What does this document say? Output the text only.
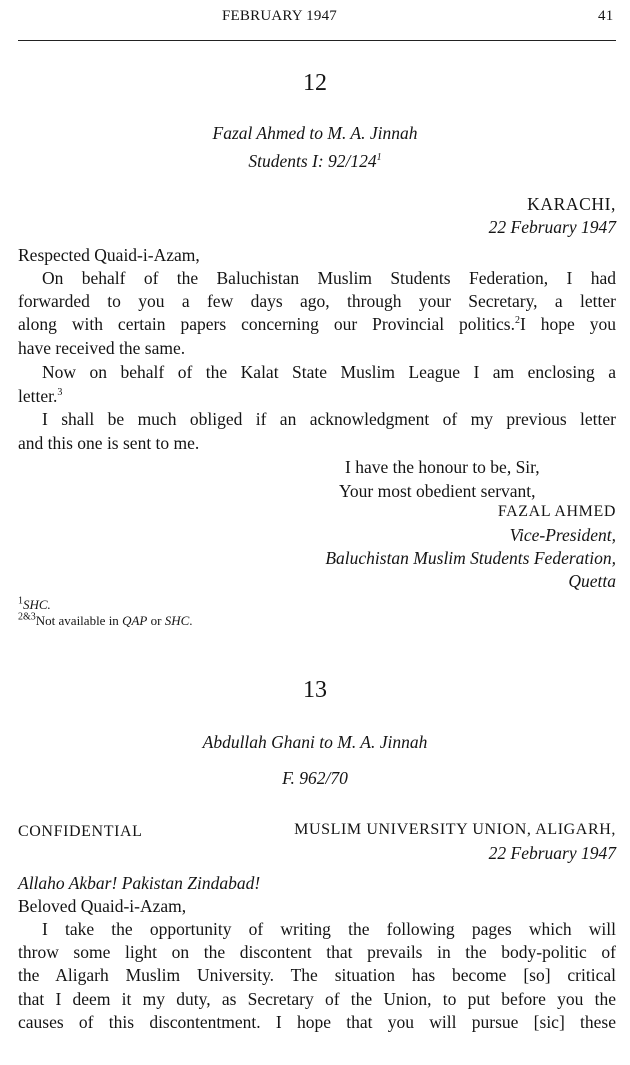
FEBRUARY 1947	41
12
Fazal Ahmed to M. A. Jinnah
Students I: $92/124^1$
KARACHI,
22 February 1947
Respected Quaid-i-Azam,
On behalf of the Baluchistan Muslim Students Federation, I had
forwarded to you a few days ago, through your Secretary, a letter
along with certain papers concerning our Provincial politics.$^2$I hope you
have received the same.
Now on behalf of the Kalat State Muslim League I am enclosing a
letter.$^3$
I shall be much obliged if an acknowledgment of my previous letter
and this one is sent to me.
I have the honour to be, Sir,
Your most obedient servant,
FAZAL AHMED
Vice-President,
Baluchistan Muslim Students Federation,
Quetta
$^1$SHC.
$^{2\&3}$Not available in QAP or SHC.
13
Abdullah Ghani to M. A. Jinnah
F. 962/70
CONFIDENTIAL	MUSLIM UNIVERSITY UNION, ALIGARH,
22 February 1947
Allaho Akbar! Pakistan Zindabad!
Beloved Quaid-i-Azam,
I take the opportunity of writing the following pages which will
throw some light on the discontent that prevails in the body-politic of
the Aligarh Muslim University. The situation has become [so] critical
that I deem it my duty, as Secretary of the Union, to put before you the
causes of this discontentment. I hope that you will pursue [sic] these
